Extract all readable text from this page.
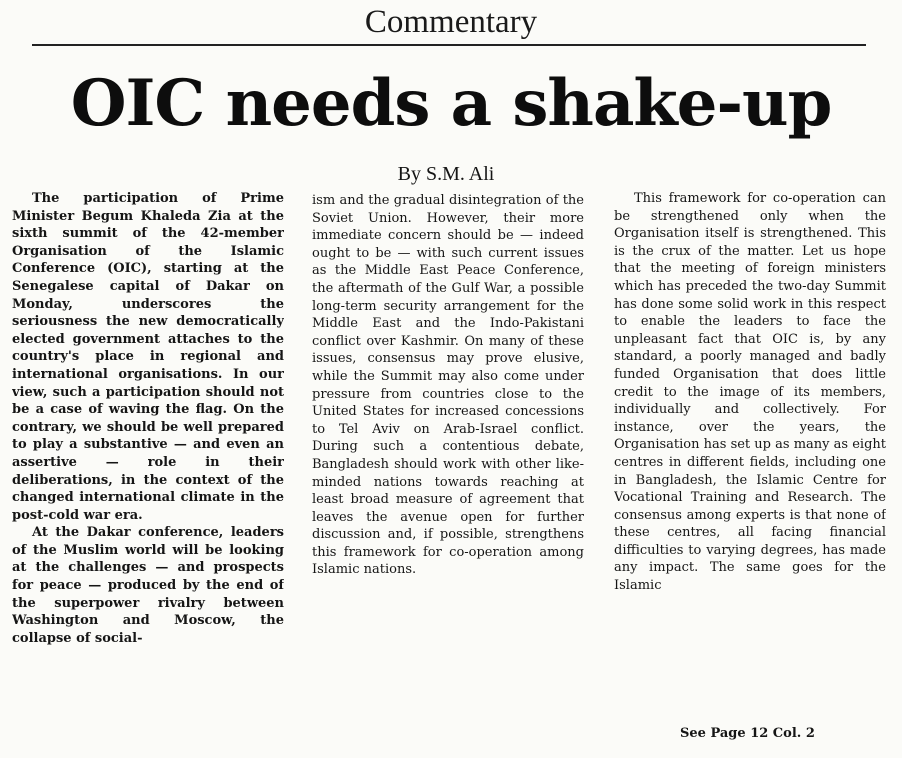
Commentary
OIC needs a shake-up
By S.M. Ali

The participation of Prime Minister Begum Khaleda Zia at the sixth summit of the 42-member Organisation of the Islamic Conference (OIC), starting at the Senegalese capital of Dakar on Monday, underscores the seriousness the new democratically elected government attaches to the country's place in regional and international organisations. In our view, such a participation should not be a case of waving the flag. On the contrary, we should be well prepared to play a substantive — and even an assertive — role in their deliberations, in the context of the changed international climate in the post-cold war era.

At the Dakar conference, leaders of the Muslim world will be looking at the challenges — and prospects for peace — produced by the end of the superpower rivalry between Washington and Moscow, the collapse of social-

ism and the gradual disintegration of the Soviet Union. However, their more immediate concern should be — indeed ought to be — with such current issues as the Middle East Peace Conference, the aftermath of the Gulf War, a possible long-term security arrangement for the Middle East and the Indo-Pakistani conflict over Kashmir. On many of these issues, consensus may prove elusive, while the Summit may also come under pressure from countries close to the United States for increased concessions to Tel Aviv on Arab-Israel conflict. During such a contentious debate, Bangladesh should work with other like-minded nations towards reaching at least broad measure of agreement that leaves the avenue open for further discussion and, if possible, strengthens this framework for co-operation among Islamic nations.

This framework for co-operation can be strengthened only when the Organisation itself is strengthened. This is the crux of the matter. Let us hope that the meeting of foreign ministers which has preceded the two-day Summit has done some solid work in this respect to enable the leaders to face the unpleasant fact that OIC is, by any standard, a poorly managed and badly funded Organisation that does little credit to the image of its members, individually and collectively. For instance, over the years, the Organisation has set up as many as eight centres in different fields, including one in Bangladesh, the Islamic Centre for Vocational Training and Research. The consensus among experts is that none of these centres, all facing financial difficulties to varying degrees, has made any impact. The same goes for the Islamic

See Page 12 Col. 2
